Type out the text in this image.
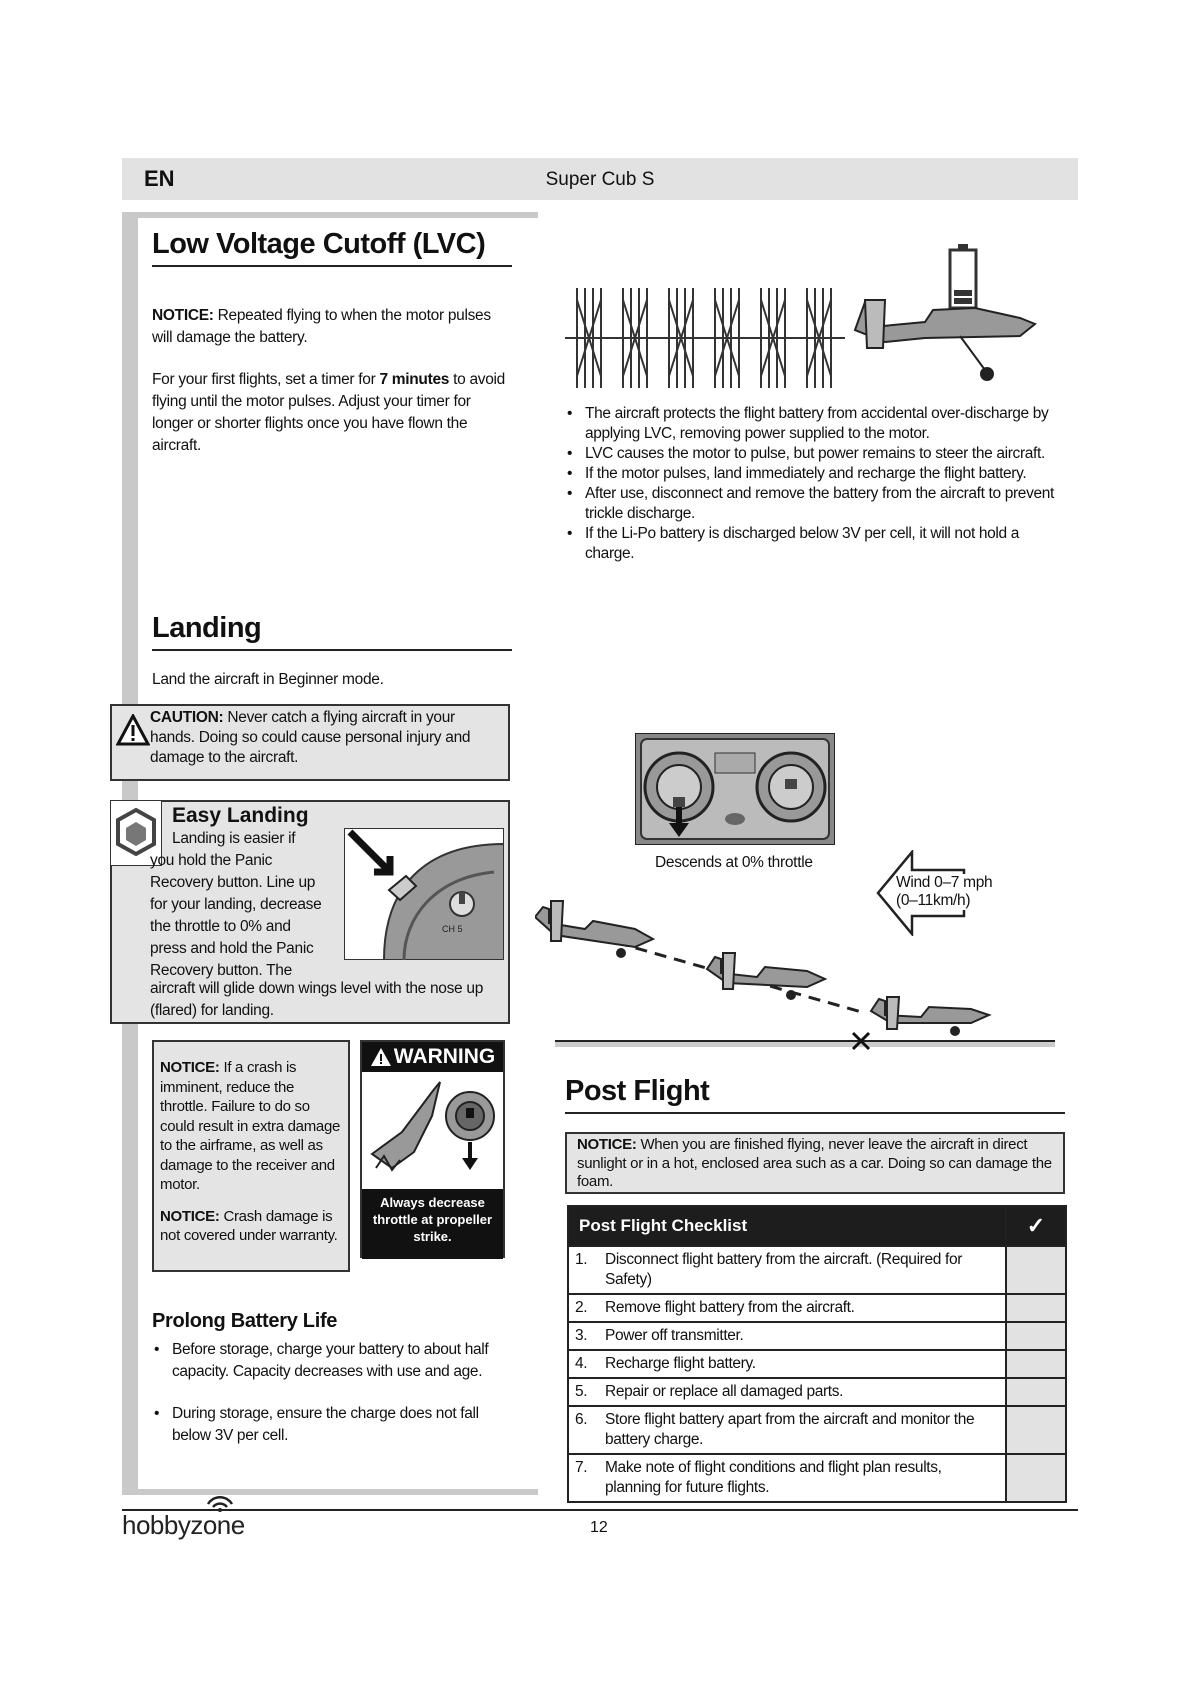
EN	Super Cub S
Low Voltage Cutoff (LVC)

NOTICE: Repeated flying to when the motor pulses will damage the battery.

For your first flights, set a timer for 7 minutes to avoid flying until the motor pulses. Adjust your timer for longer or shorter flights once you have flown the aircraft.

• The aircraft protects the flight battery from accidental over-discharge by applying LVC, removing power supplied to the motor.
• LVC causes the motor to pulse, but power remains to steer the aircraft.
• If the motor pulses, land immediately and recharge the flight battery.
• After use, disconnect and remove the battery from the aircraft to prevent trickle discharge.
• If the Li-Po battery is discharged below 3V per cell, it will not hold a charge.
Landing

Land the aircraft in Beginner mode.

CAUTION: Never catch a flying aircraft in your hands. Doing so could cause personal injury and damage to the aircraft.

Easy Landing

Landing is easier if you hold the Panic Recovery button. Line up for your landing, decrease the throttle to 0% and press and hold the Panic Recovery button. The

aircraft will glide down wings level with the nose up (flared) for landing.

CH 5

NOTICE: If a crash is imminent, reduce the throttle. Failure to do so could result in extra damage to the airframe, as well as damage to the receiver and motor.

NOTICE: Crash damage is not covered under warranty.

WARNING
Always decrease throttle at propeller strike.
Prolong Battery Life
• Before storage, charge your battery to about half capacity. Capacity decreases with use and age.
• During storage, ensure the charge does not fall below 3V per cell.
Descends at 0% throttle
Wind 0–7 mph
(0–11km/h)
Post Flight

NOTICE: When you are finished flying, never leave the aircraft in direct sunlight or in a hot, enclosed area such as a car. Doing so can damage the foam.

Post Flight Checklist		✓
1.	Disconnect flight battery from the aircraft. (Required for Safety)	
2.	Remove flight battery from the aircraft.	
3.	Power off transmitter.	
4.	Recharge flight battery.	
5.	Repair or replace all damaged parts.	
6.	Store flight battery apart from the aircraft and monitor the battery charge.	
7.	Make note of flight conditions and flight plan results, planning for future flights.	
hobbyzone	12
